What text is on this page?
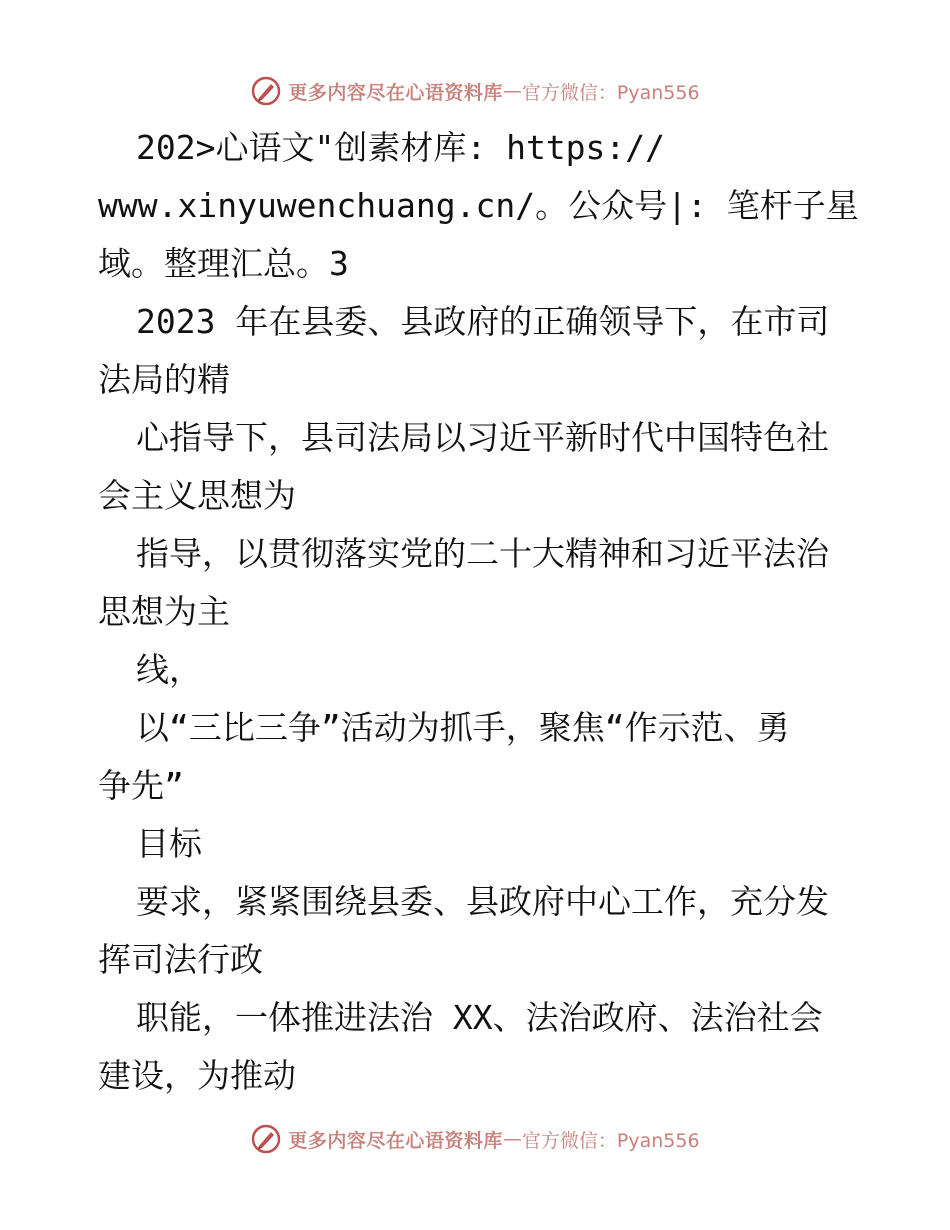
更多内容尽在心语资料库 — 官方微信：Pyan556
202>心语文"创素材库: https://
www.xinyuwenchuang.cn/。公众号|: 笔杆子星
域。整理汇总。3
2023 年在县委、县政府的正确领导下，在市司
法局的精
心指导下，县司法局以习近平新时代中国特色社
会主义思想为
指导，以贯彻落实党的二十大精神和习近平法治
思想为主
线，
以“三比三争”活动为抓手，聚焦“作示范、勇
争先”
目标
要求，紧紧围绕县委、县政府中心工作，充分发
挥司法行政
职能，一体推进法治 XX、法治政府、法治社会
建设，为推动
更多内容尽在心语资料库 — 官方微信：Pyan556
